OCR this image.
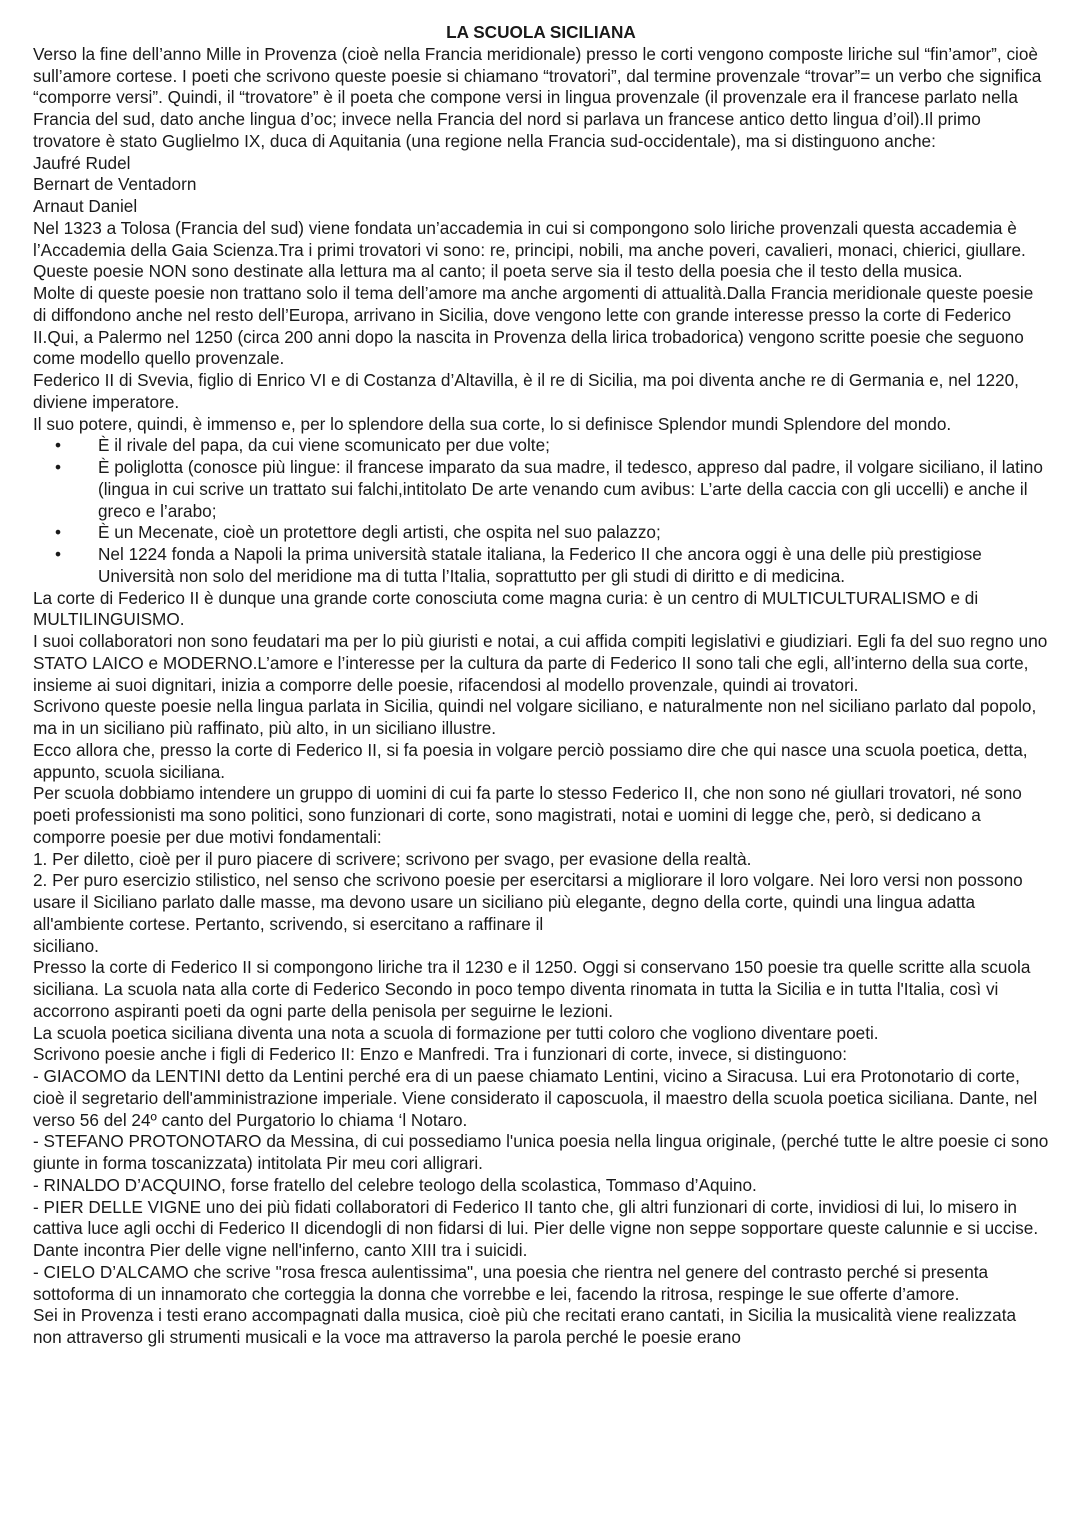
LA SCUOLA SICILIANA

Verso la fine dell’anno Mille in Provenza (cioè nella Francia meridionale) presso le corti vengono composte liriche sul “fin’amor”, cioè sull’amore cortese. I poeti che scrivono queste poesie si chiamano “trovatori”, dal termine provenzale “trovar”= un verbo che significa “comporre versi”. Quindi, il “trovatore” è il poeta che compone versi in lingua provenzale (il provenzale era il francese parlato nella Francia del sud, dato anche lingua d’oc; invece nella Francia del nord si parlava un francese antico detto lingua d’oil).Il primo trovatore è stato Guglielmo IX, duca di Aquitania (una regione nella Francia sud-occidentale), ma si distinguono anche:

Jaufré Rudel
Bernart de Ventadorn
Arnaut Daniel

Nel 1323 a Tolosa (Francia del sud) viene fondata un’accademia in cui si compongono solo liriche provenzali questa accademia è l’Accademia della Gaia Scienza.Tra i primi trovatori vi sono: re, principi, nobili, ma anche poveri, cavalieri, monaci, chierici, giullare. Queste poesie NON sono destinate alla lettura ma al canto; il poeta serve sia il testo della poesia che il testo della musica.

Molte di queste poesie non trattano solo il tema dell’amore ma anche argomenti di attualità.Dalla Francia meridionale queste poesie di diffondono anche nel resto dell’Europa, arrivano in Sicilia, dove vengono lette con grande interesse presso la corte di Federico II.Qui, a Palermo nel 1250 (circa 200 anni dopo la nascita in Provenza della lirica trobadorica) vengono scritte poesie che seguono come modello quello provenzale.

Federico II di Svevia, figlio di Enrico VI e di Costanza d’Altavilla, è il re di Sicilia, ma poi diventa anche re di Germania e, nel 1220, diviene imperatore.

Il suo potere, quindi, è immenso e, per lo splendore della sua corte, lo si definisce Splendor mundi Splendore del mondo.

• È il rivale del papa, da cui viene scomunicato per due volte;
• È poliglotta (conosce più lingue: il francese imparato da sua madre, il tedesco, appreso dal padre, il volgare siciliano, il latino (lingua in cui scrive un trattato sui falchi,intitolato De arte venando cum avibus: L’arte della caccia con gli uccelli) e anche il greco e l’arabo;
• È un Mecenate, cioè un protettore degli artisti, che ospita nel suo palazzo;
• Nel 1224 fonda a Napoli la prima università statale italiana, la Federico II che ancora oggi è una delle più prestigiose Università non solo del meridione ma di tutta l’Italia, soprattutto per gli studi di diritto e di medicina.

La corte di Federico II è dunque una grande corte conosciuta come magna curia: è un centro di MULTICULTURALISMO e di MULTILINGUISMO.

I suoi collaboratori non sono feudatari ma per lo più giuristi e notai, a cui affida compiti legislativi e giudiziari. Egli fa del suo regno uno STATO LAICO e MODERNO.L’amore e l’interesse per la cultura da parte di Federico II sono tali che egli, all’interno della sua corte, insieme ai suoi dignitari, inizia a comporre delle poesie, rifacendosi al modello provenzale, quindi ai trovatori.

Scrivono queste poesie nella lingua parlata in Sicilia, quindi nel volgare siciliano, e naturalmente non nel siciliano parlato dal popolo, ma in un siciliano più raffinato, più alto, in un siciliano illustre.

Ecco allora che, presso la corte di Federico II, si fa poesia in volgare perciò possiamo dire che qui nasce una scuola poetica, detta, appunto, scuola siciliana.

Per scuola dobbiamo intendere un gruppo di uomini di cui fa parte lo stesso Federico II, che non sono né giullari trovatori, né sono poeti professionisti ma sono politici, sono funzionari di corte, sono magistrati, notai e uomini di legge che, però, si dedicano a comporre poesie per due motivi fondamentali:

1. Per diletto, cioè per il puro piacere di scrivere; scrivono per svago, per evasione della realtà.

2. Per puro esercizio stilistico, nel senso che scrivono poesie per esercitarsi a migliorare il loro volgare. Nei loro versi non possono usare il Siciliano parlato dalle masse, ma devono usare un siciliano più elegante, degno della corte, quindi una lingua adatta all'ambiente cortese. Pertanto, scrivendo, si esercitano a raffinare il

siciliano.

Presso la corte di Federico II si compongono liriche tra il 1230 e il 1250. Oggi si conservano 150 poesie tra quelle scritte alla scuola siciliana. La scuola nata alla corte di Federico Secondo in poco tempo diventa rinomata in tutta la Sicilia e in tutta l'Italia, così vi accorrono aspiranti poeti da ogni parte della penisola per seguirne le lezioni.

La scuola poetica siciliana diventa una nota a scuola di formazione per tutti coloro che vogliono diventare poeti.

Scrivono poesie anche i figli di Federico II: Enzo e Manfredi. Tra i funzionari di corte, invece, si distinguono:

- GIACOMO da LENTINI detto da Lentini perché era di un paese chiamato Lentini, vicino a Siracusa. Lui era Protonotario di corte, cioè il segretario dell'amministrazione imperiale. Viene considerato il caposcuola, il maestro della scuola poetica siciliana. Dante, nel verso 56 del 24º canto del Purgatorio lo chiama ‘l Notaro.

- STEFANO PROTONOTARO da Messina, di cui possediamo l'unica poesia nella lingua originale, (perché tutte le altre poesie ci sono giunte in forma toscanizzata) intitolata Pir meu cori alligrari.

- RINALDO D’ACQUINO, forse fratello del celebre teologo della scolastica, Tommaso d’Aquino.

- PIER DELLE VIGNE uno dei più fidati collaboratori di Federico II tanto che, gli altri funzionari di corte, invidiosi di lui, lo misero in cattiva luce agli occhi di Federico II dicendogli di non fidarsi di lui. Pier delle vigne non seppe sopportare queste calunnie e si uccise. Dante incontra Pier delle vigne nell'inferno, canto XIII tra i suicidi.

- CIELO D’ALCAMO che scrive "rosa fresca aulentissima", una poesia che rientra nel genere del contrasto perché si presenta sottoforma di un innamorato che corteggia la donna che vorrebbe e lei, facendo la ritrosa, respinge le sue offerte d’amore.

Sei in Provenza i testi erano accompagnati dalla musica, cioè più che recitati erano cantati, in Sicilia la musicalità viene realizzata non attraverso gli strumenti musicali e la voce ma attraverso la parola perché le poesie erano
